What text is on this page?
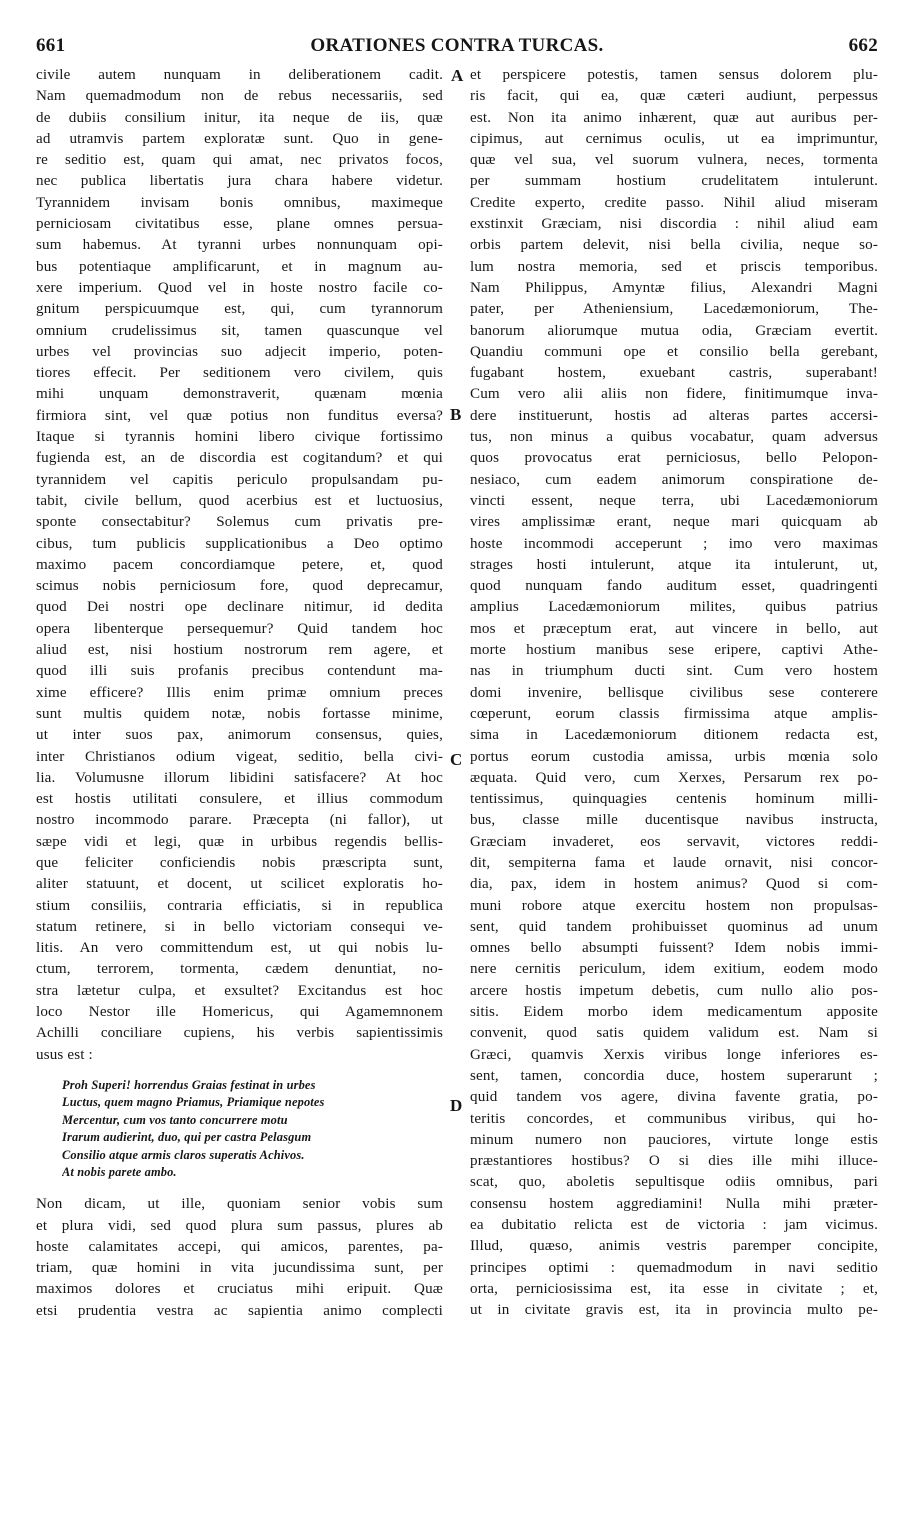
661	ORATIONES CONTRA TURCAS.	662
A
B
C
D
civile autem nunquam in deliberationem cadit.
Nam quemadmodum non de rebus necessariis, sed
de dubiis consilium initur, ita neque de iis, quæ
ad utramvis partem exploratæ sunt. Quo in gene-
re seditio est, quam qui amat, nec privatos focos,
nec publica libertatis jura chara habere videtur.
Tyrannidem invisam bonis omnibus, maximeque
perniciosam civitatibus esse, plane omnes persua-
sum habemus. At tyranni urbes nonnunquam opi-
bus potentiaque amplificarunt, et in magnum au-
xere imperium. Quod vel in hoste nostro facile co-
gnitum perspicuumque est, qui, cum tyrannorum
omnium crudelissimus sit, tamen quascunque vel
urbes vel provincias suo adjecit imperio, poten-
tiores effecit. Per seditionem vero civilem, quis
mihi unquam demonstraverit, quænam mœnia
firmiora sint, vel quæ potius non funditus eversa?
Itaque si tyrannis homini libero civique fortissimo
fugienda est, an de discordia est cogitandum? et qui
tyrannidem vel capitis periculo propulsandam pu-
tabit, civile bellum, quod acerbius est et luctuosius,
sponte consectabitur? Solemus cum privatis pre-
cibus, tum publicis supplicationibus a Deo optimo
maximo pacem concordiamque petere, et, quod
scimus nobis perniciosum fore, quod deprecamur,
quod Dei nostri ope declinare nitimur, id dedita
opera libenterque persequemur? Quid tandem hoc
aliud est, nisi hostium nostrorum rem agere, et
quod illi suis profanis precibus contendunt ma-
xime efficere? Illis enim primæ omnium preces
sunt multis quidem notæ, nobis fortasse minime,
ut inter suos pax, animorum consensus, quies,
inter Christianos odium vigeat, seditio, bella civi-
lia. Volumusne illorum libidini satisfacere? At hoc
est hostis utilitati consulere, et illius commodum
nostro incommodo parare. Præcepta (ni fallor), ut
sæpe vidi et legi, quæ in urbibus regendis bellis-
que feliciter conficiendis nobis præscripta sunt,
aliter statuunt, et docent, ut scilicet exploratis ho-
stium consiliis, contraria efficiatis, si in republica
statum retinere, si in bello victoriam consequi ve-
litis. An vero committendum est, ut qui nobis lu-
ctum, terrorem, tormenta, cædem denuntiat, no-
stra lætetur culpa, et exsultet? Excitandus est hoc
loco Nestor ille Homericus, qui Agamemnonem
Achilli conciliare cupiens, his verbis sapientissimis
usus est :
Proh Superi! horrendus Graias festinat in urbes
Luctus, quem magno Priamus, Priamique nepotes
Mercentur, cum vos tanto concurrere motu
Irarum audierint, duo, qui per castra Pelasgum
Consilio atque armis claros superatis Achivos.
At nobis parete ambo.
Non dicam, ut ille, quoniam senior vobis sum
et plura vidi, sed quod plura sum passus, plures ab
hoste calamitates accepi, qui amicos, parentes, pa-
triam, quæ homini in vita jucundissima sunt, per
maximos dolores et cruciatus mihi eripuit. Quæ
etsi prudentia vestra ac sapientia animo complecti
et perspicere potestis, tamen sensus dolorem plu-
ris facit, qui ea, quæ cæteri audiunt, perpessus
est. Non ita animo inhærent, quæ aut auribus per-
cipimus, aut cernimus oculis, ut ea imprimuntur,
quæ vel sua, vel suorum vulnera, neces, tormenta
per summam hostium crudelitatem intulerunt.
Credite experto, credite passo. Nihil aliud miseram
exstinxit Græciam, nisi discordia : nihil aliud eam
orbis partem delevit, nisi bella civilia, neque so-
lum nostra memoria, sed et priscis temporibus.
Nam Philippus, Amyntæ filius, Alexandri Magni
pater, per Atheniensium, Lacedæmoniorum, The-
banorum aliorumque mutua odia, Græciam evertit.
Quandiu communi ope et consilio bella gerebant,
fugabant hostem, exuebant castris, superabant!
Cum vero alii aliis non fidere, finitimumque inva-
dere instituerunt, hostis ad alteras partes accersi-
tus, non minus a quibus vocabatur, quam adversus
quos provocatus erat perniciosus, bello Pelopon-
nesiaco, cum eadem animorum conspiratione de-
vincti essent, neque terra, ubi Lacedæmoniorum
vires amplissimæ erant, neque mari quicquam ab
hoste incommodi acceperunt ; imo vero maximas
strages hosti intulerunt, atque ita intulerunt, ut,
quod nunquam fando auditum esset, quadringenti
amplius Lacedæmoniorum milites, quibus patrius
mos et præceptum erat, aut vincere in bello, aut
morte hostium manibus sese eripere, captivi Athe-
nas in triumphum ducti sint. Cum vero hostem
domi invenire, bellisque civilibus sese conterere
cœperunt, eorum classis firmissima atque amplis-
sima in Lacedæmoniorum ditionem redacta est,
portus eorum custodia amissa, urbis mœnia solo
æquata. Quid vero, cum Xerxes, Persarum rex po-
tentissimus, quinquagies centenis hominum milli-
bus, classe mille ducentisque navibus instructa,
Græciam invaderet, eos servavit, victores reddi-
dit, sempiterna fama et laude ornavit, nisi concor-
dia, pax, idem in hostem animus? Quod si com-
muni robore atque exercitu hostem non propulsas-
sent, quid tandem prohibuisset quominus ad unum
omnes bello absumpti fuissent? Idem nobis immi-
nere cernitis periculum, idem exitium, eodem modo
arcere hostis impetum debetis, cum nullo alio pos-
sitis. Eidem morbo idem medicamentum apposite
convenit, quod satis quidem validum est. Nam si
Græci, quamvis Xerxis viribus longe inferiores es-
sent, tamen, concordia duce, hostem superarunt ;
quid tandem vos agere, divina favente gratia, po-
teritis concordes, et communibus viribus, qui ho-
minum numero non pauciores, virtute longe estis
præstantiores hostibus? O si dies ille mihi illuce-
scat, quo, aboletis sepultisque odiis omnibus, pari
consensu hostem aggrediamini! Nulla mihi præter-
ea dubitatio relicta est de victoria : jam vicimus.
Illud, quæso, animis vestris paremper concipite,
principes optimi : quemadmodum in navi seditio
orta, perniciosissima est, ita esse in civitate ; et,
ut in civitate gravis est, ita in provincia multo pe-
